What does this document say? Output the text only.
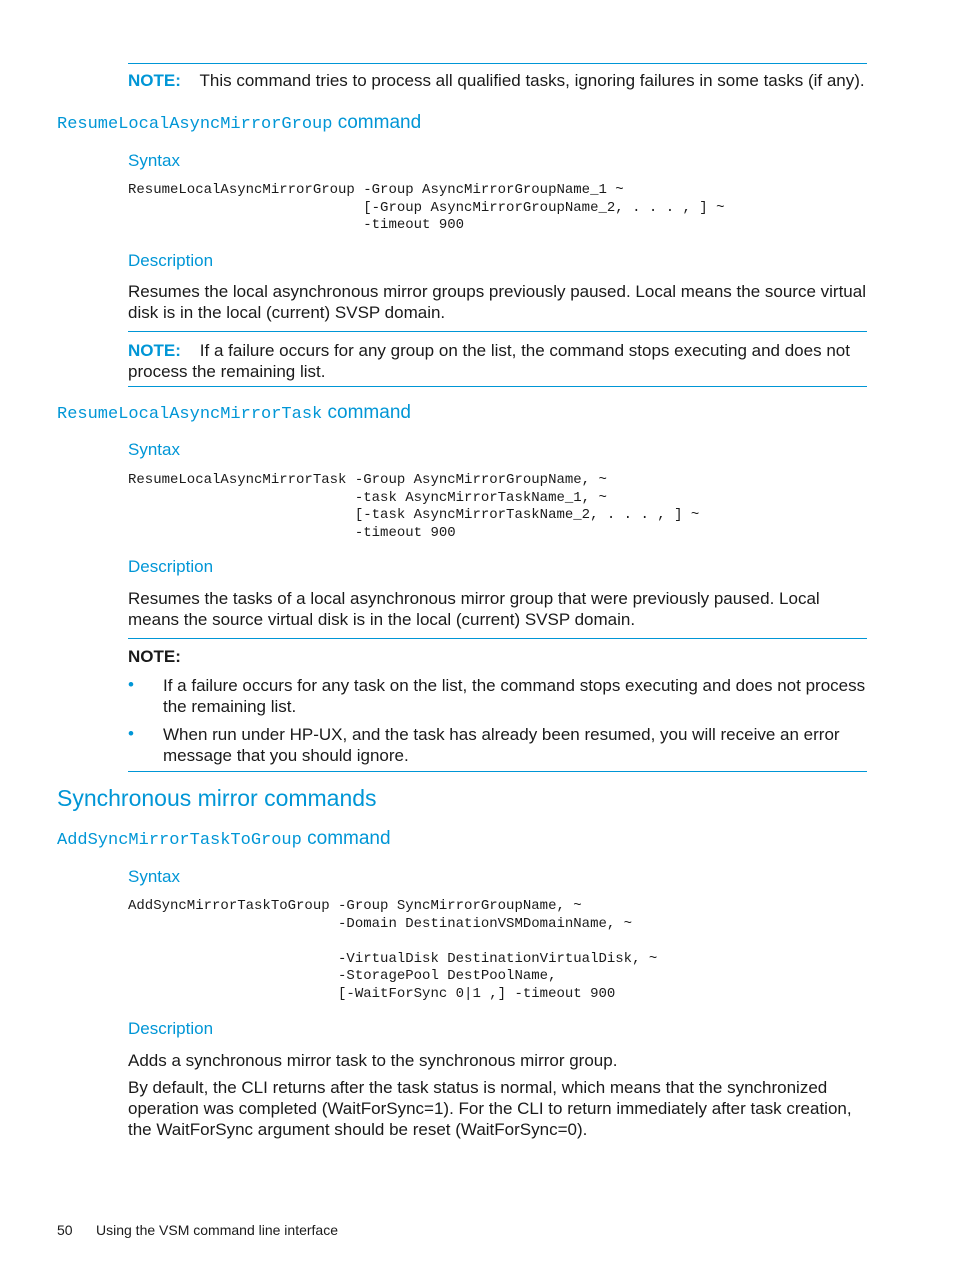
NOTE: This command tries to process all qualified tasks, ignoring failures in some tasks (if any).
ResumeLocalAsyncMirrorGroup command
Syntax
ResumeLocalAsyncMirrorGroup -Group AsyncMirrorGroupName_1 ~
[-Group AsyncMirrorGroupName_2, . . . , ] ~
-timeout 900
Description
Resumes the local asynchronous mirror groups previously paused. Local means the source virtual disk is in the local (current) SVSP domain.
NOTE: If a failure occurs for any group on the list, the command stops executing and does not process the remaining list.
ResumeLocalAsyncMirrorTask command
Syntax
ResumeLocalAsyncMirrorTask -Group AsyncMirrorGroupName, ~
-task AsyncMirrorTaskName_1, ~
[-task AsyncMirrorTaskName_2, . . . , ] ~
-timeout 900
Description
Resumes the tasks of a local asynchronous mirror group that were previously paused. Local means the source virtual disk is in the local (current) SVSP domain.
NOTE:
• If a failure occurs for any task on the list, the command stops executing and does not process the remaining list.
• When run under HP-UX, and the task has already been resumed, you will receive an error message that you should ignore.
Synchronous mirror commands
AddSyncMirrorTaskToGroup command
Syntax
AddSyncMirrorTaskToGroup -Group SyncMirrorGroupName, ~
-Domain DestinationVSMDomainName, ~

-VirtualDisk DestinationVirtualDisk, ~
-StoragePool DestPoolName,
[-WaitForSync 0|1 ,] -timeout 900
Description
Adds a synchronous mirror task to the synchronous mirror group.
By default, the CLI returns after the task status is normal, which means that the synchronized operation was completed (WaitForSync=1). For the CLI to return immediately after task creation, the WaitForSync argument should be reset (WaitForSync=0).
50 Using the VSM command line interface
